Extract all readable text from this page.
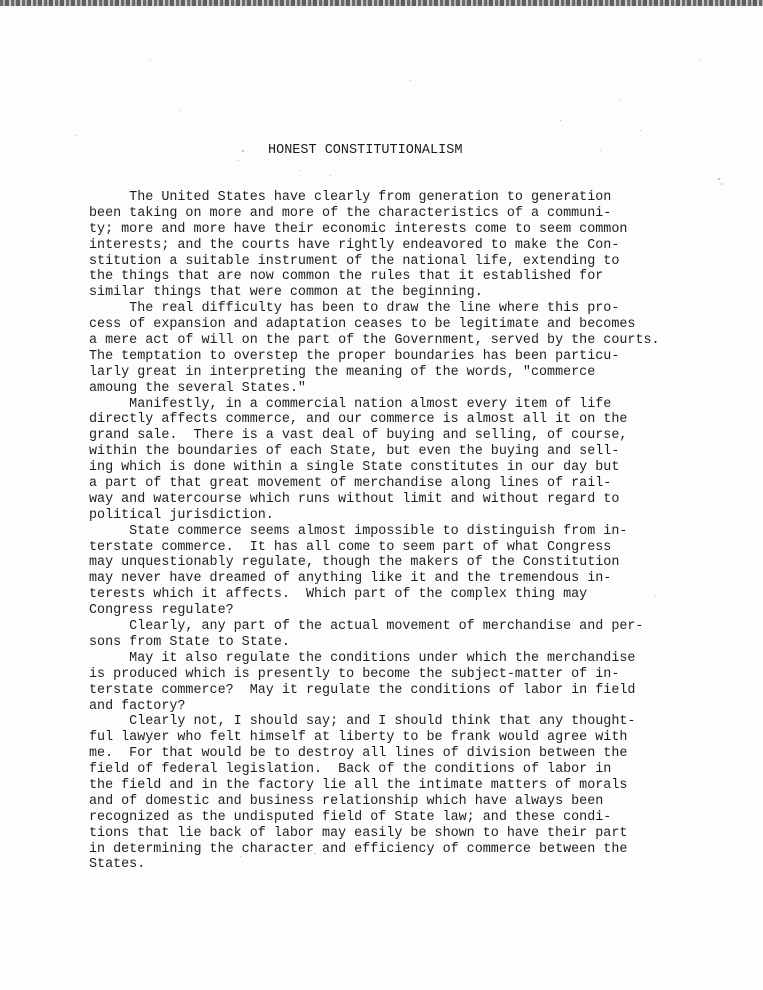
HONEST CONSTITUTIONALISM
The United States have clearly from generation to generation
been taking on more and more of the characteristics of a communi-
ty; more and more have their economic interests come to seem common
interests; and the courts have rightly endeavored to make the Con-
stitution a suitable instrument of the national life, extending to
the things that are now common the rules that it established for
similar things that were common at the beginning.
The real difficulty has been to draw the line where this pro-
cess of expansion and adaptation ceases to be legitimate and becomes
a mere act of will on the part of the Government, served by the courts.
The temptation to overstep the proper boundaries has been particu-
larly great in interpreting the meaning of the words, "commerce
amoung the several States."
Manifestly, in a commercial nation almost every item of life
directly affects commerce, and our commerce is almost all it on the
grand sale.  There is a vast deal of buying and selling, of course,
within the boundaries of each State, but even the buying and sell-
ing which is done within a single State constitutes in our day but
a part of that great movement of merchandise along lines of rail-
way and watercourse which runs without limit and without regard to
political jurisdiction.
State commerce seems almost impossible to distinguish from in-
terstate commerce.  It has all come to seem part of what Congress
may unquestionably regulate, though the makers of the Constitution
may never have dreamed of anything like it and the tremendous in-
terests which it affects.  Which part of the complex thing may
Congress regulate?
Clearly, any part of the actual movement of merchandise and per-
sons from State to State.
May it also regulate the conditions under which the merchandise
is produced which is presently to become the subject-matter of in-
terstate commerce?  May it regulate the conditions of labor in field
and factory?
Clearly not, I should say; and I should think that any thought-
ful lawyer who felt himself at liberty to be frank would agree with
me.  For that would be to destroy all lines of division between the
field of federal legislation.  Back of the conditions of labor in
the field and in the factory lie all the intimate matters of morals
and of domestic and business relationship which have always been
recognized as the undisputed field of State law; and these condi-
tions that lie back of labor may easily be shown to have their part
in determining the character and efficiency of commerce between the
States.
